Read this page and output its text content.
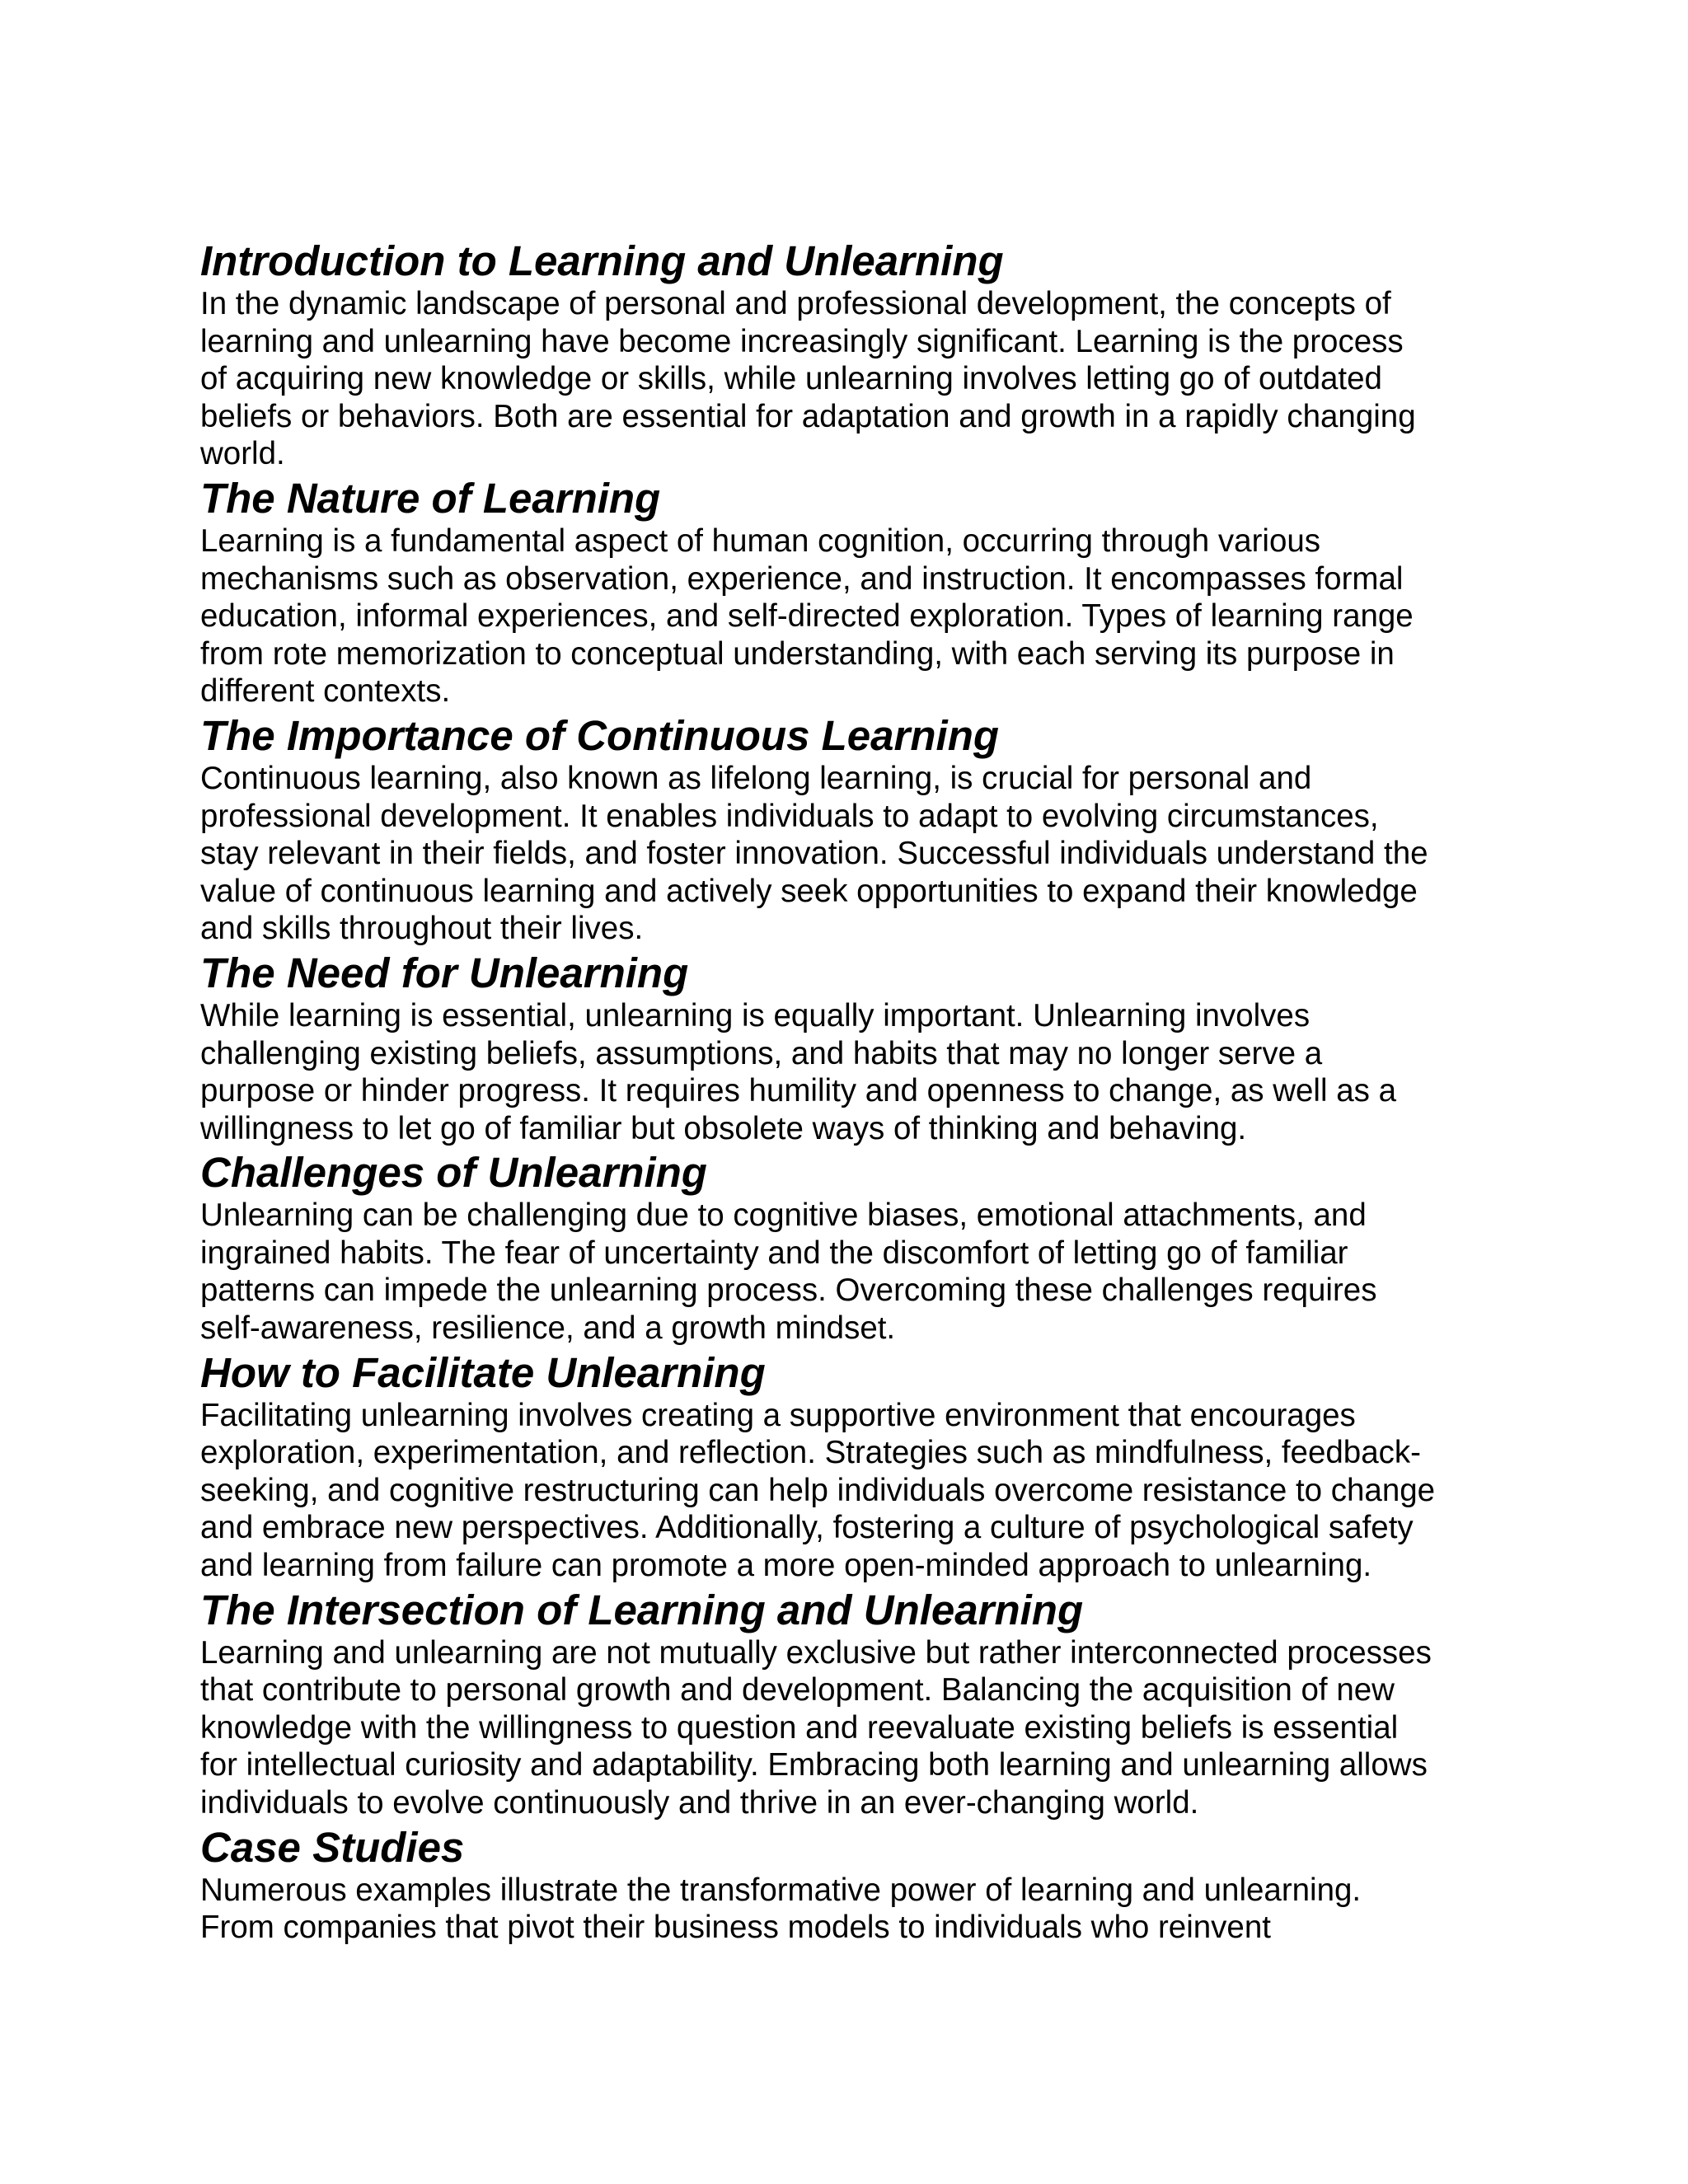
Introduction to Learning and Unlearning

In the dynamic landscape of personal and professional development, the concepts of
learning and unlearning have become increasingly significant. Learning is the process
of acquiring new knowledge or skills, while unlearning involves letting go of outdated
beliefs or behaviors. Both are essential for adaptation and growth in a rapidly changing
world.

The Nature of Learning

Learning is a fundamental aspect of human cognition, occurring through various
mechanisms such as observation, experience, and instruction. It encompasses formal
education, informal experiences, and self-directed exploration. Types of learning range
from rote memorization to conceptual understanding, with each serving its purpose in
different contexts.

The Importance of Continuous Learning

Continuous learning, also known as lifelong learning, is crucial for personal and
professional development. It enables individuals to adapt to evolving circumstances,
stay relevant in their fields, and foster innovation. Successful individuals understand the
value of continuous learning and actively seek opportunities to expand their knowledge
and skills throughout their lives.

The Need for Unlearning

While learning is essential, unlearning is equally important. Unlearning involves
challenging existing beliefs, assumptions, and habits that may no longer serve a
purpose or hinder progress. It requires humility and openness to change, as well as a
willingness to let go of familiar but obsolete ways of thinking and behaving.

Challenges of Unlearning

Unlearning can be challenging due to cognitive biases, emotional attachments, and
ingrained habits. The fear of uncertainty and the discomfort of letting go of familiar
patterns can impede the unlearning process. Overcoming these challenges requires
self-awareness, resilience, and a growth mindset.

How to Facilitate Unlearning

Facilitating unlearning involves creating a supportive environment that encourages
exploration, experimentation, and reflection. Strategies such as mindfulness, feedback-
seeking, and cognitive restructuring can help individuals overcome resistance to change
and embrace new perspectives. Additionally, fostering a culture of psychological safety
and learning from failure can promote a more open-minded approach to unlearning.

The Intersection of Learning and Unlearning

Learning and unlearning are not mutually exclusive but rather interconnected processes
that contribute to personal growth and development. Balancing the acquisition of new
knowledge with the willingness to question and reevaluate existing beliefs is essential
for intellectual curiosity and adaptability. Embracing both learning and unlearning allows
individuals to evolve continuously and thrive in an ever-changing world.

Case Studies

Numerous examples illustrate the transformative power of learning and unlearning.
From companies that pivot their business models to individuals who reinvent
